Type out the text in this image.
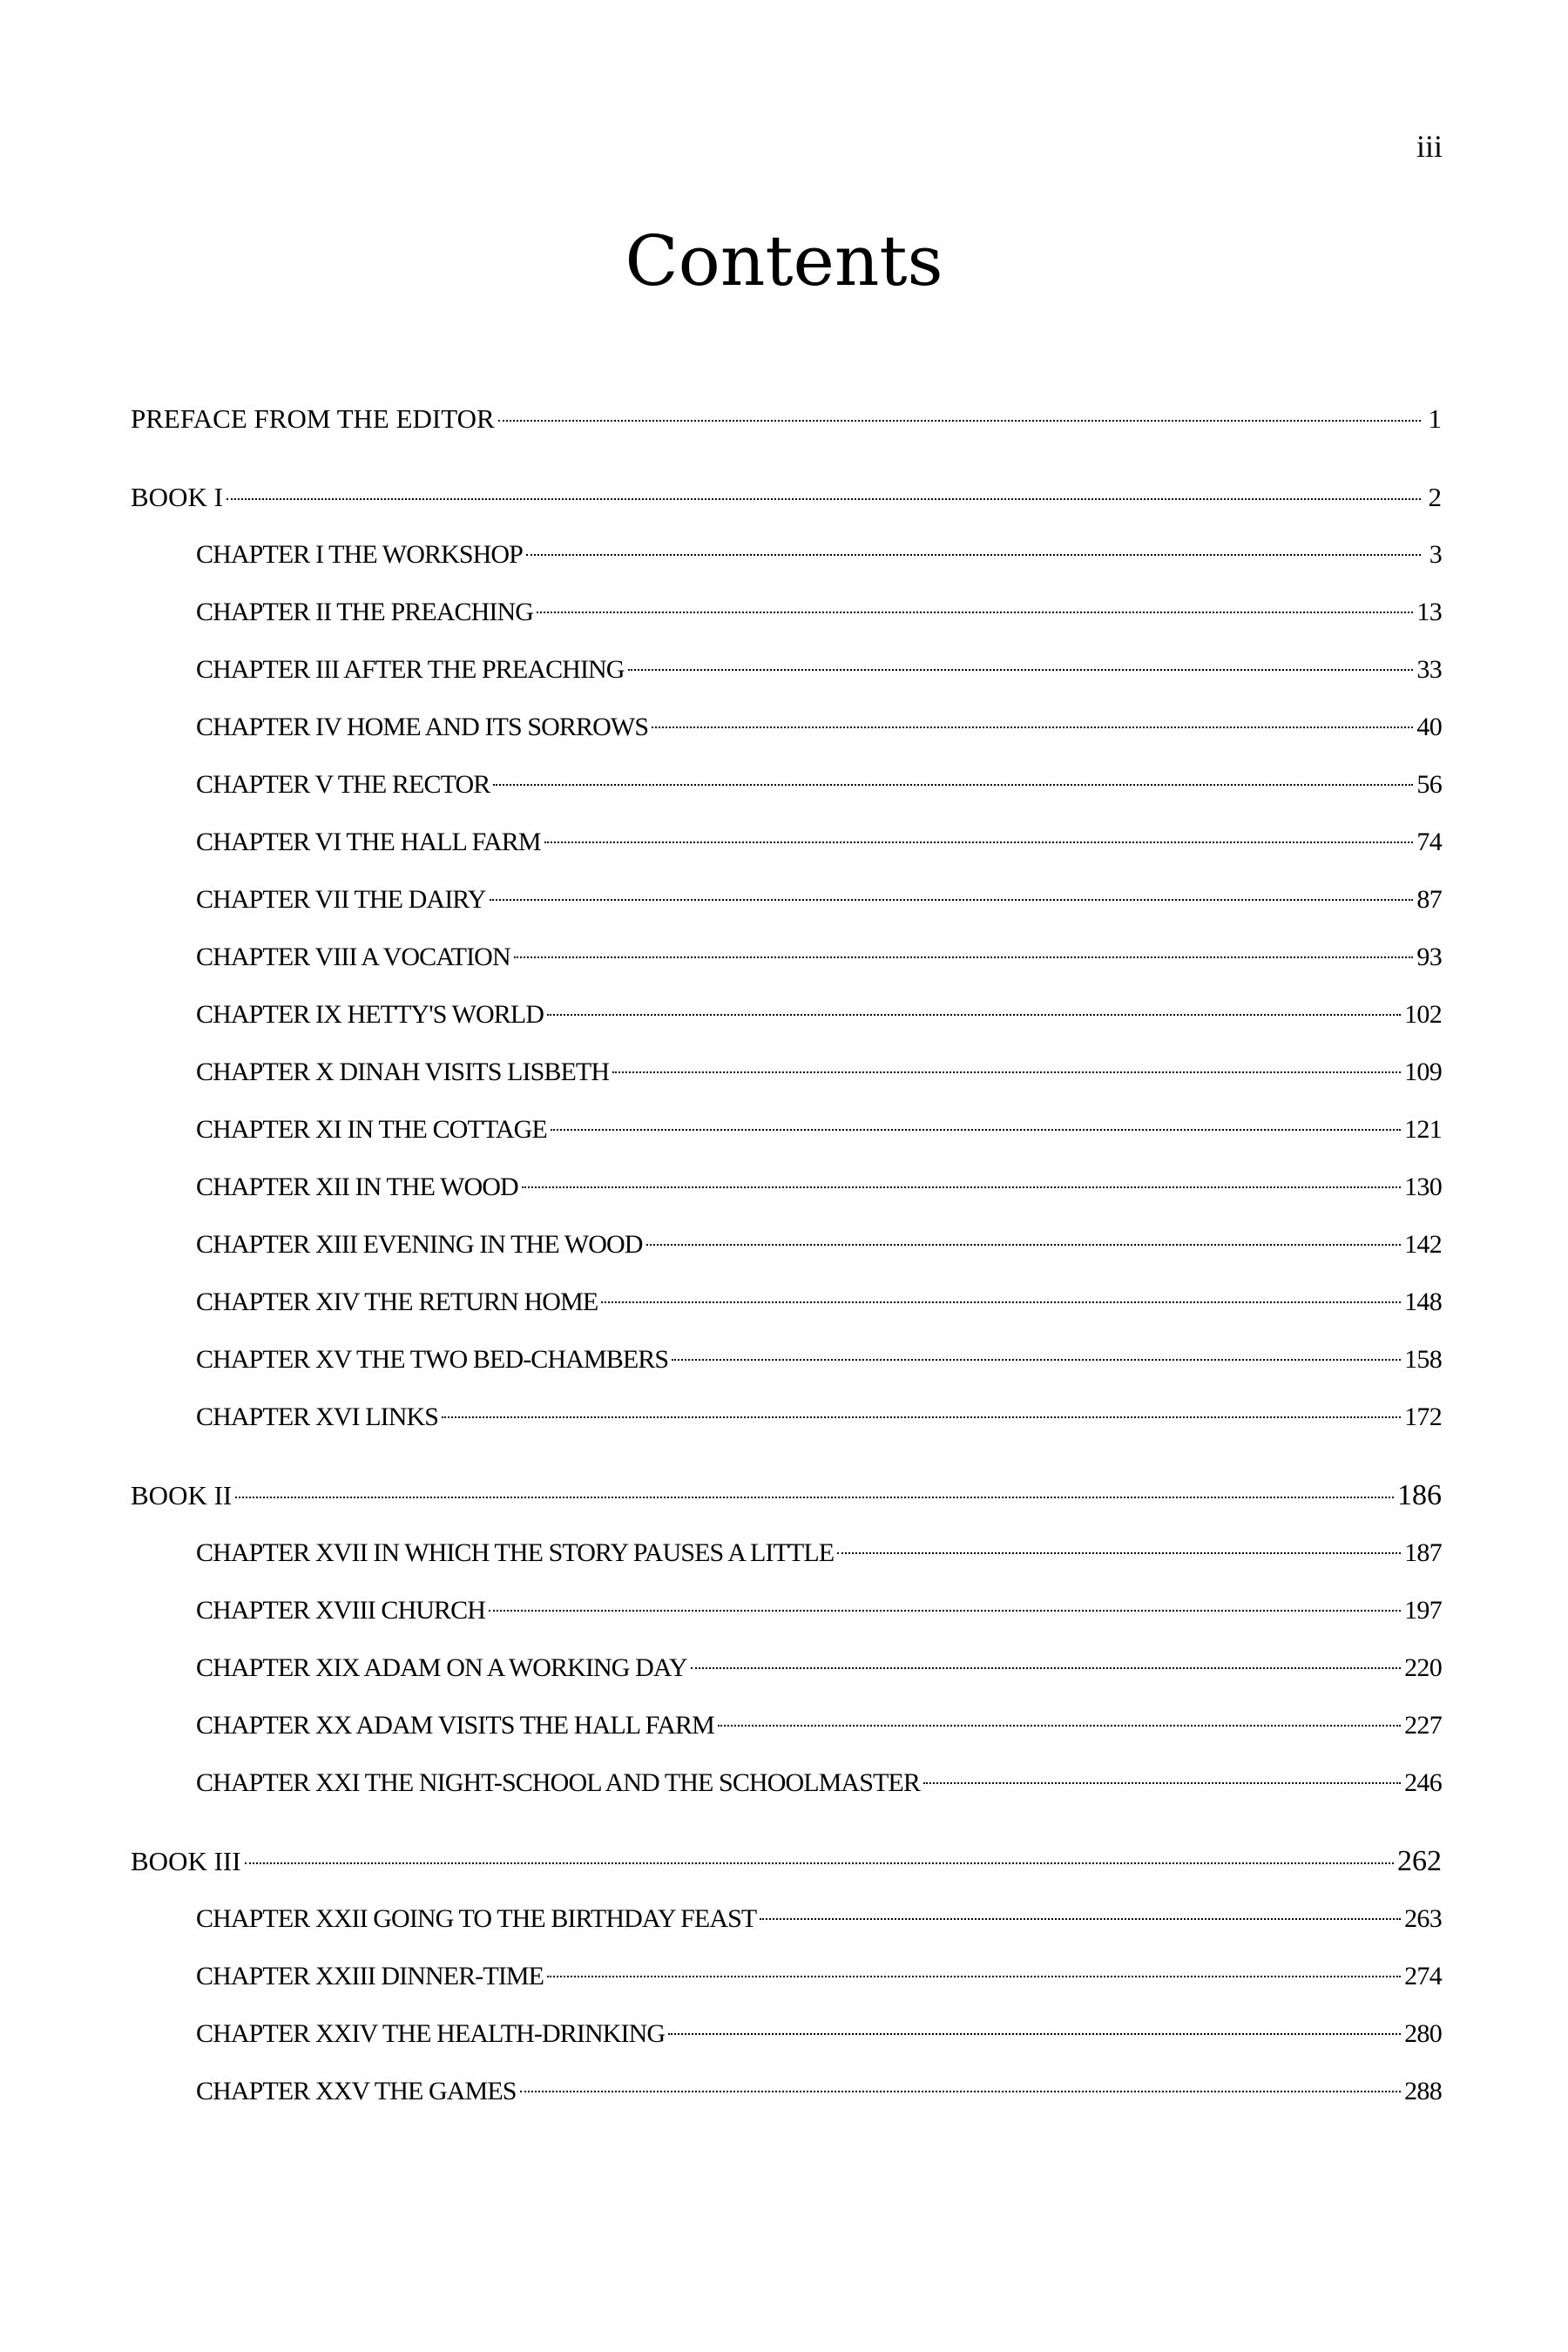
iii
Contents
PREFACE FROM THE EDITOR	1
BOOK I	2
CHAPTER I THE WORKSHOP	3
CHAPTER II THE PREACHING	13
CHAPTER III AFTER THE PREACHING	33
CHAPTER IV HOME AND ITS SORROWS	40
CHAPTER V THE RECTOR	56
CHAPTER VI THE HALL FARM	74
CHAPTER VII THE DAIRY	87
CHAPTER VIII A VOCATION	93
CHAPTER IX HETTY'S WORLD	102
CHAPTER X DINAH VISITS LISBETH	109
CHAPTER XI IN THE COTTAGE	121
CHAPTER XII IN THE WOOD	130
CHAPTER XIII EVENING IN THE WOOD	142
CHAPTER XIV THE RETURN HOME	148
CHAPTER XV THE TWO BED-CHAMBERS	158
CHAPTER XVI LINKS	172
BOOK II	186
CHAPTER XVII IN WHICH THE STORY PAUSES A LITTLE	187
CHAPTER XVIII CHURCH	197
CHAPTER XIX ADAM ON A WORKING DAY	220
CHAPTER XX ADAM VISITS THE HALL FARM	227
CHAPTER XXI THE NIGHT-SCHOOL AND THE SCHOOLMASTER	246
BOOK III	262
CHAPTER XXII GOING TO THE BIRTHDAY FEAST	263
CHAPTER XXIII DINNER-TIME	274
CHAPTER XXIV THE HEALTH-DRINKING	280
CHAPTER XXV THE GAMES	288
